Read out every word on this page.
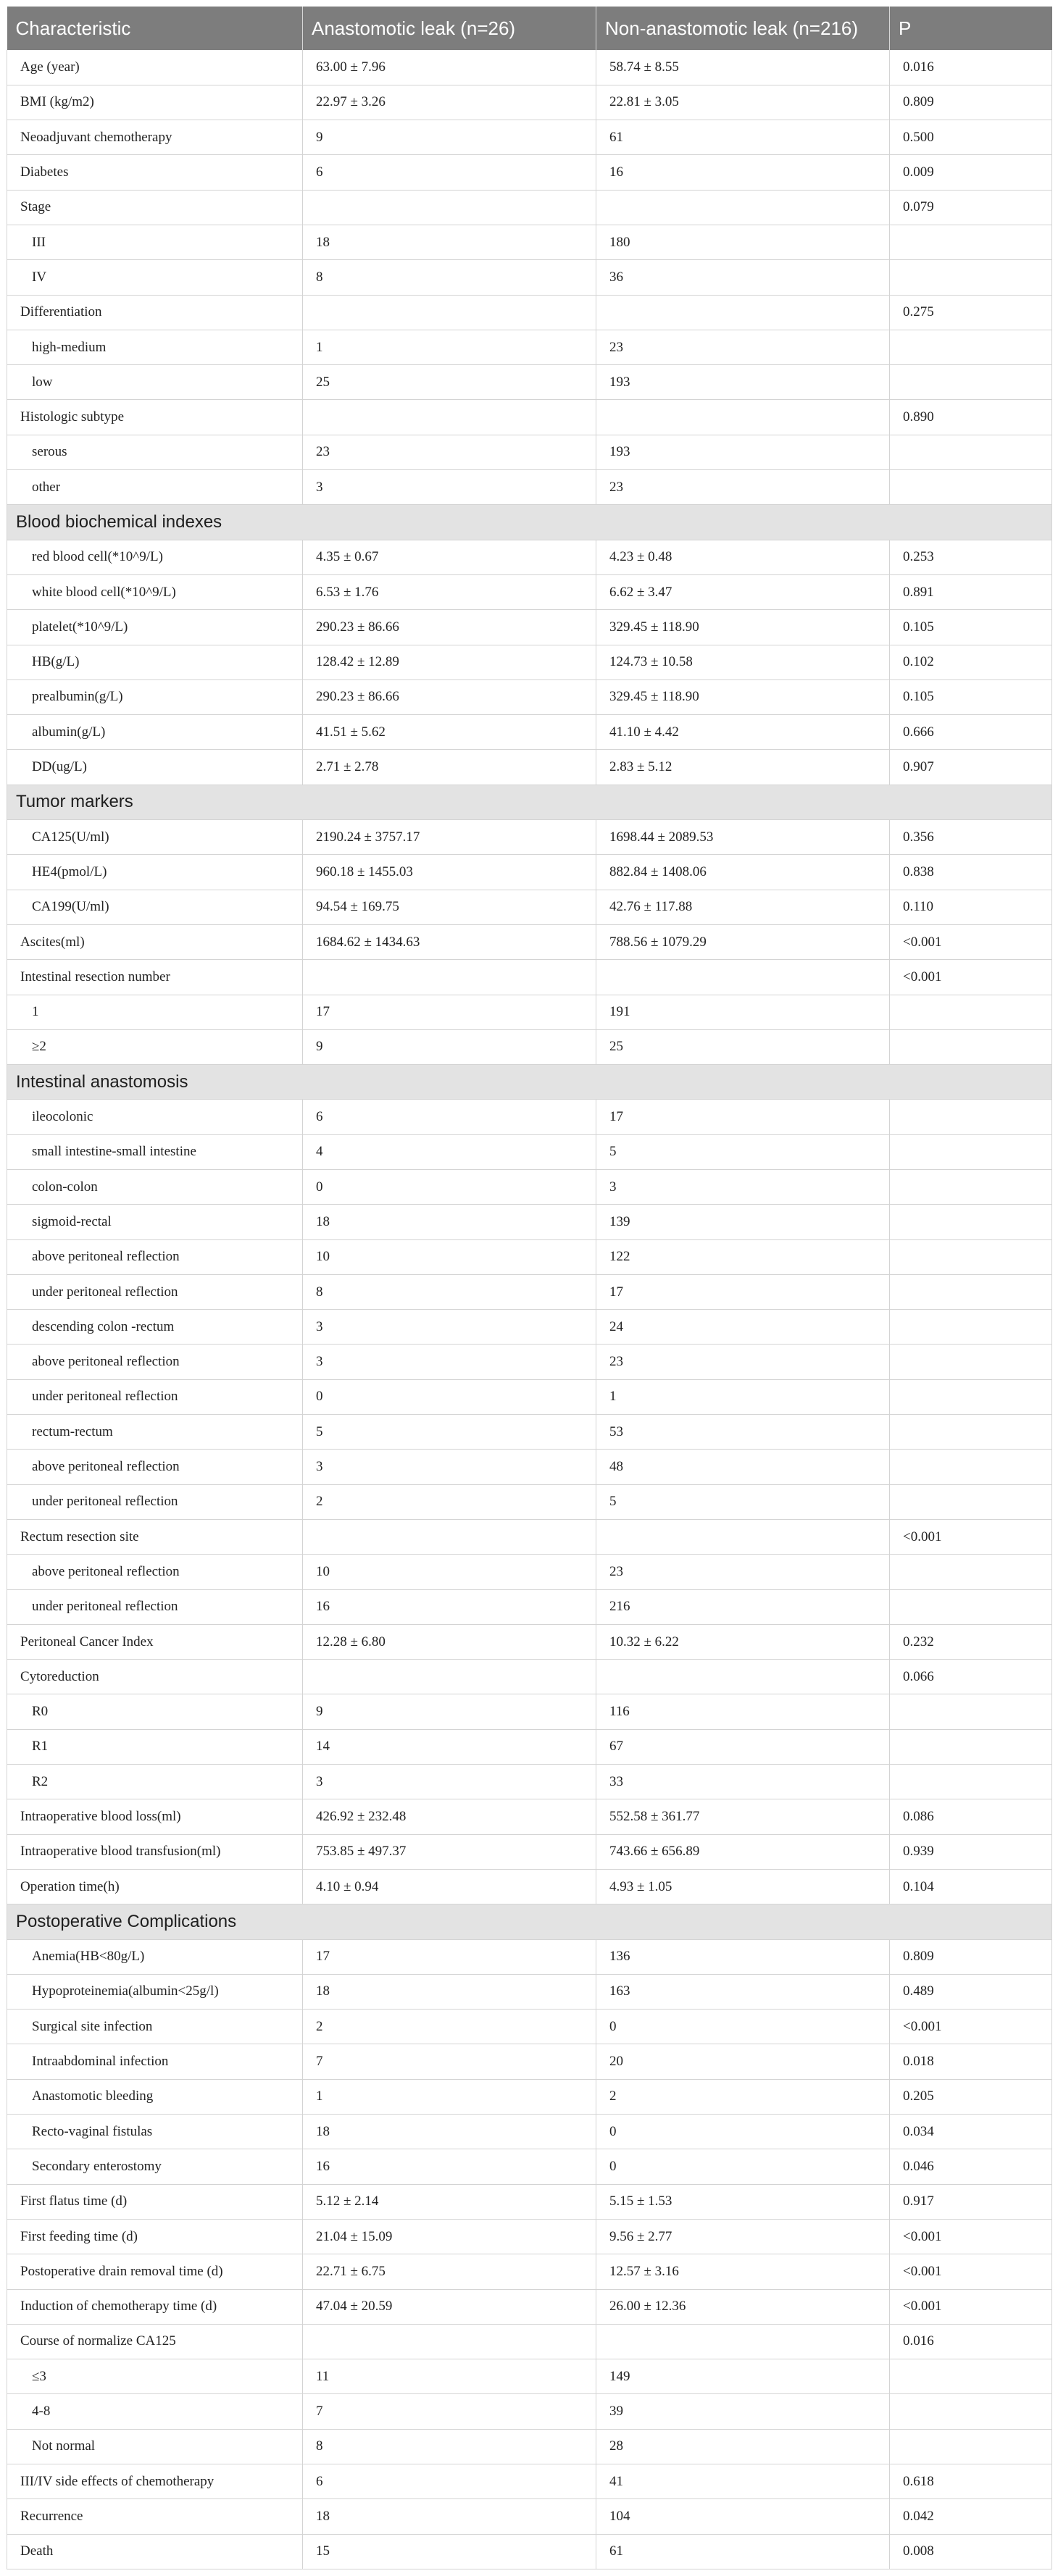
Characteristic	Anastomotic leak (n=26)	Non-anastomotic leak (n=216)	P
Age (year)	63.00 ± 7.96	58.74 ± 8.55	0.016
BMI (kg/m2)	22.97 ± 3.26	22.81 ± 3.05	0.809
Neoadjuvant chemotherapy	9	61	0.500
Diabetes	6	16	0.009
Stage			0.079
III	18	180	
IV	8	36	
Differentiation			0.275
high-medium	1	23	
low	25	193	
Histologic subtype			0.890
serous	23	193	
other	3	23	
Blood biochemical indexes			
red blood cell(*10^9/L)	4.35 ± 0.67	4.23 ± 0.48	0.253
white blood cell(*10^9/L)	6.53 ± 1.76	6.62 ± 3.47	0.891
platelet(*10^9/L)	290.23 ± 86.66	329.45 ± 118.90	0.105
HB(g/L)	128.42 ± 12.89	124.73 ± 10.58	0.102
prealbumin(g/L)	290.23 ± 86.66	329.45 ± 118.90	0.105
albumin(g/L)	41.51 ± 5.62	41.10 ± 4.42	0.666
DD(ug/L)	2.71 ± 2.78	2.83 ± 5.12	0.907
Tumor markers			
CA125(U/ml)	2190.24 ± 3757.17	1698.44 ± 2089.53	0.356
HE4(pmol/L)	960.18 ± 1455.03	882.84 ± 1408.06	0.838
CA199(U/ml)	94.54 ± 169.75	42.76 ± 117.88	0.110
Ascites(ml)	1684.62 ± 1434.63	788.56 ± 1079.29	<0.001
Intestinal resection number			<0.001
1	17	191	
≥2	9	25	
Intestinal anastomosis			
ileocolonic	6	17	
small intestine-small intestine	4	5	
colon-colon	0	3	
sigmoid-rectal	18	139	
above peritoneal reflection	10	122	
under peritoneal reflection	8	17	
descending colon -rectum	3	24	
above peritoneal reflection	3	23	
under peritoneal reflection	0	1	
rectum-rectum	5	53	
above peritoneal reflection	3	48	
under peritoneal reflection	2	5	
Rectum resection site			<0.001
above peritoneal reflection	10	23	
under peritoneal reflection	16	216	
Peritoneal Cancer Index	12.28 ± 6.80	10.32 ± 6.22	0.232
Cytoreduction			0.066
R0	9	116	
R1	14	67	
R2	3	33	
Intraoperative blood loss(ml)	426.92 ± 232.48	552.58 ± 361.77	0.086
Intraoperative blood transfusion(ml)	753.85 ± 497.37	743.66 ± 656.89	0.939
Operation time(h)	4.10 ± 0.94	4.93 ± 1.05	0.104
Postoperative Complications			
Anemia(HB<80g/L)	17	136	0.809
Hypoproteinemia(albumin<25g/l)	18	163	0.489
Surgical site infection	2	0	<0.001
Intraabdominal infection	7	20	0.018
Anastomotic bleeding	1	2	0.205
Recto-vaginal fistulas	18	0	0.034
Secondary enterostomy	16	0	0.046
First flatus time (d)	5.12 ± 2.14	5.15 ± 1.53	0.917
First feeding time (d)	21.04 ± 15.09	9.56 ± 2.77	<0.001
Postoperative drain removal time (d)	22.71 ± 6.75	12.57 ± 3.16	<0.001
Induction of chemotherapy time (d)	47.04 ± 20.59	26.00 ± 12.36	<0.001
Course of normalize CA125			0.016
≤3	11	149	
4-8	7	39	
Not normal	8	28	
III/IV side effects of chemotherapy	6	41	0.618
Recurrence	18	104	0.042
Death	15	61	0.008
